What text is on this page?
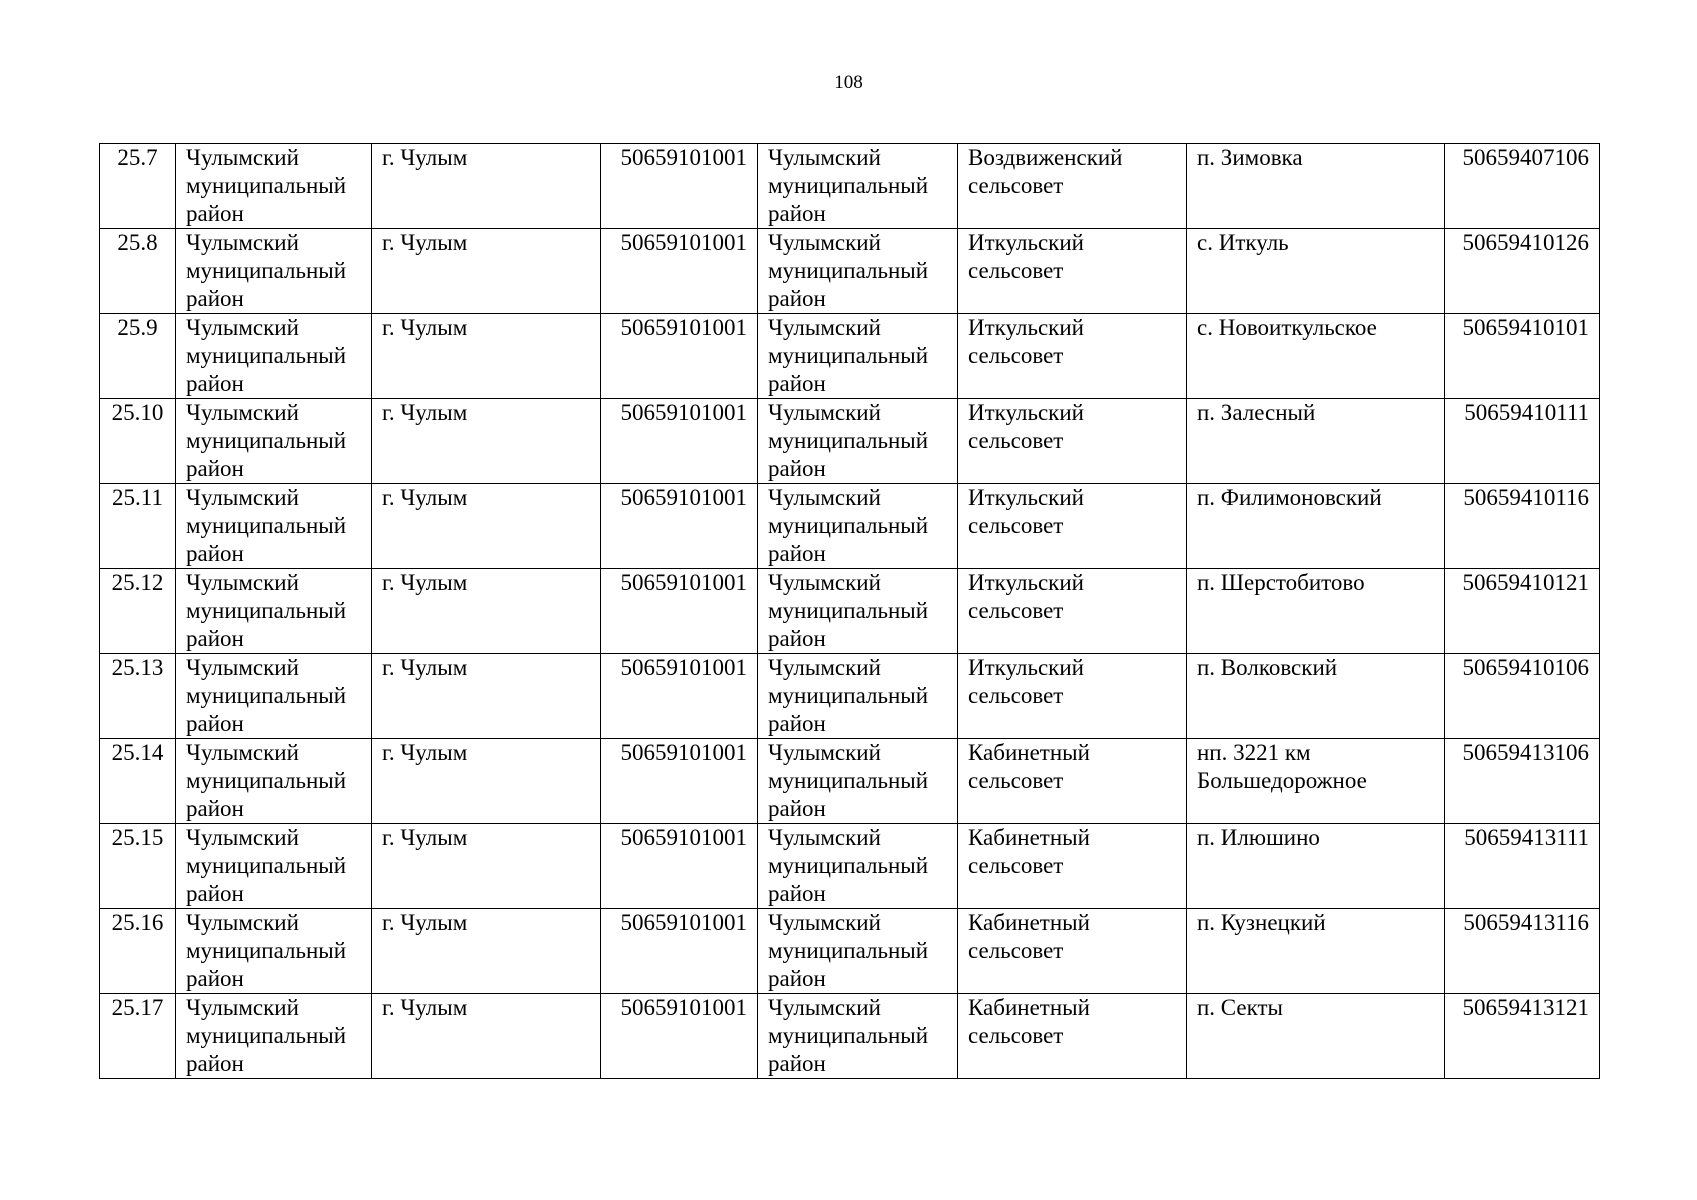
108
25.7	Чулымский
муниципальный
район	г. Чулым	50659101001	Чулымский
муниципальный
район	Воздвиженский
сельсовет	п. Зимовка	50659407106

25.8	Чулымский
муниципальный
район	г. Чулым	50659101001	Чулымский
муниципальный
район	Иткульский
сельсовет	с. Иткуль	50659410126

25.9	Чулымский
муниципальный
район	г. Чулым	50659101001	Чулымский
муниципальный
район	Иткульский
сельсовет	с. Новоиткульское	50659410101

25.10	Чулымский
муниципальный
район	г. Чулым	50659101001	Чулымский
муниципальный
район	Иткульский
сельсовет	п. Залесный	50659410111

25.11	Чулымский
муниципальный
район	г. Чулым	50659101001	Чулымский
муниципальный
район	Иткульский
сельсовет	п. Филимоновский	50659410116

25.12	Чулымский
муниципальный
район	г. Чулым	50659101001	Чулымский
муниципальный
район	Иткульский
сельсовет	п. Шерстобитово	50659410121

25.13	Чулымский
муниципальный
район	г. Чулым	50659101001	Чулымский
муниципальный
район	Иткульский
сельсовет	п. Волковский	50659410106

25.14	Чулымский
муниципальный
район	г. Чулым	50659101001	Чулымский
муниципальный
район	Кабинетный
сельсовет	нп. 3221 км
Большедорожное	50659413106

25.15	Чулымский
муниципальный
район	г. Чулым	50659101001	Чулымский
муниципальный
район	Кабинетный
сельсовет	п. Илюшино	50659413111

25.16	Чулымский
муниципальный
район	г. Чулым	50659101001	Чулымский
муниципальный
район	Кабинетный
сельсовет	п. Кузнецкий	50659413116

25.17	Чулымский
муниципальный
район	г. Чулым	50659101001	Чулымский
муниципальный
район	Кабинетный
сельсовет	п. Секты	50659413121
